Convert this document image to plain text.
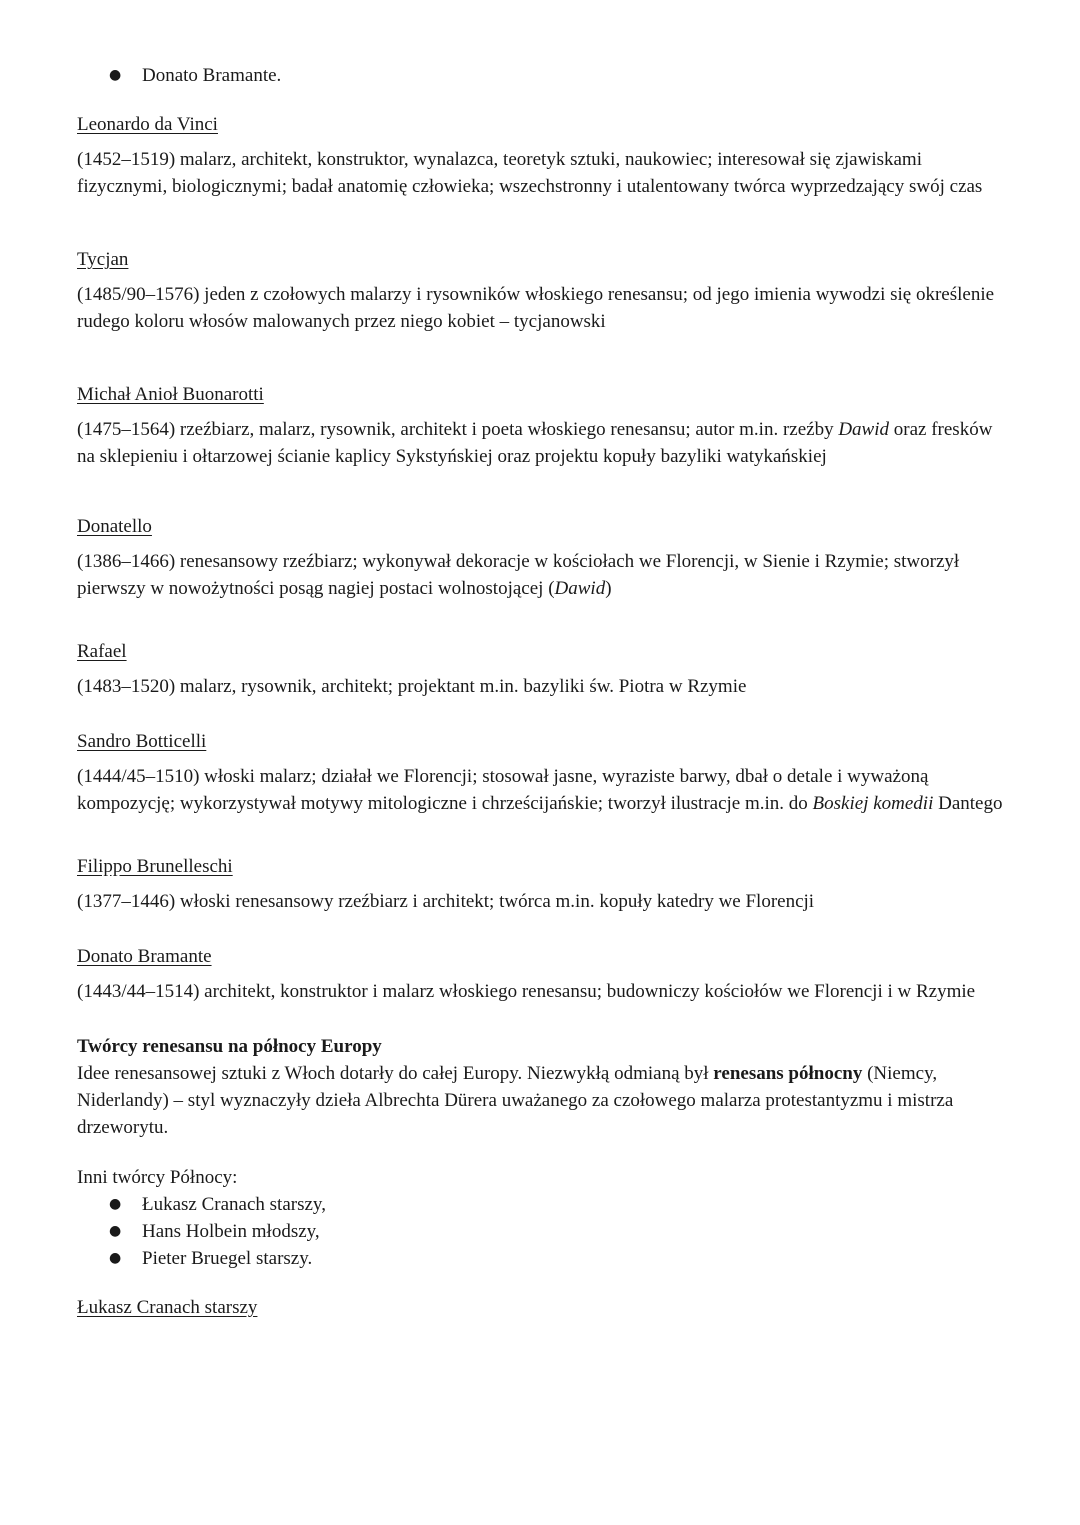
● Donato Bramante.
Leonardo da Vinci

(1452–1519) malarz, architekt, konstruktor, wynalazca, teoretyk sztuki, naukowiec; interesował się zjawiskami fizycznymi, biologicznymi; badał anatomię człowieka; wszechstronny i utalentowany twórca wyprzedzający swój czas

Tycjan

(1485/90–1576) jeden z czołowych malarzy i rysowników włoskiego renesansu; od jego imienia wywodzi się określenie rudego koloru włosów malowanych przez niego kobiet – tycjanowski

Michał Anioł Buonarotti

(1475–1564) rzeźbiarz, malarz, rysownik, architekt i poeta włoskiego renesansu; autor m.in. rzeźby Dawid oraz fresków na sklepieniu i ołtarzowej ścianie kaplicy Sykstyńskiej oraz projektu kopuły bazyliki watykańskiej

Donatello

(1386–1466) renesansowy rzeźbiarz; wykonywał dekoracje w kościołach we Florencji, w Sienie i Rzymie; stworzył pierwszy w nowożytności posąg nagiej postaci wolnostojącej (Dawid)

Rafael

(1483–1520) malarz, rysownik, architekt; projektant m.in. bazyliki św. Piotra w Rzymie

Sandro Botticelli

(1444/45–1510) włoski malarz; działał we Florencji; stosował jasne, wyraziste barwy, dbał o detale i wyważoną kompozycję; wykorzystywał motywy mitologiczne i chrześcijańskie; tworzył ilustracje m.in. do Boskiej komedii Dantego

Filippo Brunelleschi

(1377–1446) włoski renesansowy rzeźbiarz i architekt; twórca m.in. kopuły katedry we Florencji

Donato Bramante

(1443/44–1514) architekt, konstruktor i malarz włoskiego renesansu; budowniczy kościołów we Florencji i w Rzymie

Twórcy renesansu na północy Europy

Idee renesansowej sztuki z Włoch dotarły do całej Europy. Niezwykłą odmianą był renesans północny (Niemcy, Niderlandy) – styl wyznaczyły dzieła Albrechta Dürera uważanego za czołowego malarza protestantyzmu i mistrza drzeworytu.

Inni twórcy Północy:
● Łukasz Cranach starszy,
● Hans Holbein młodszy,
● Pieter Bruegel starszy.
Łukasz Cranach starszy
